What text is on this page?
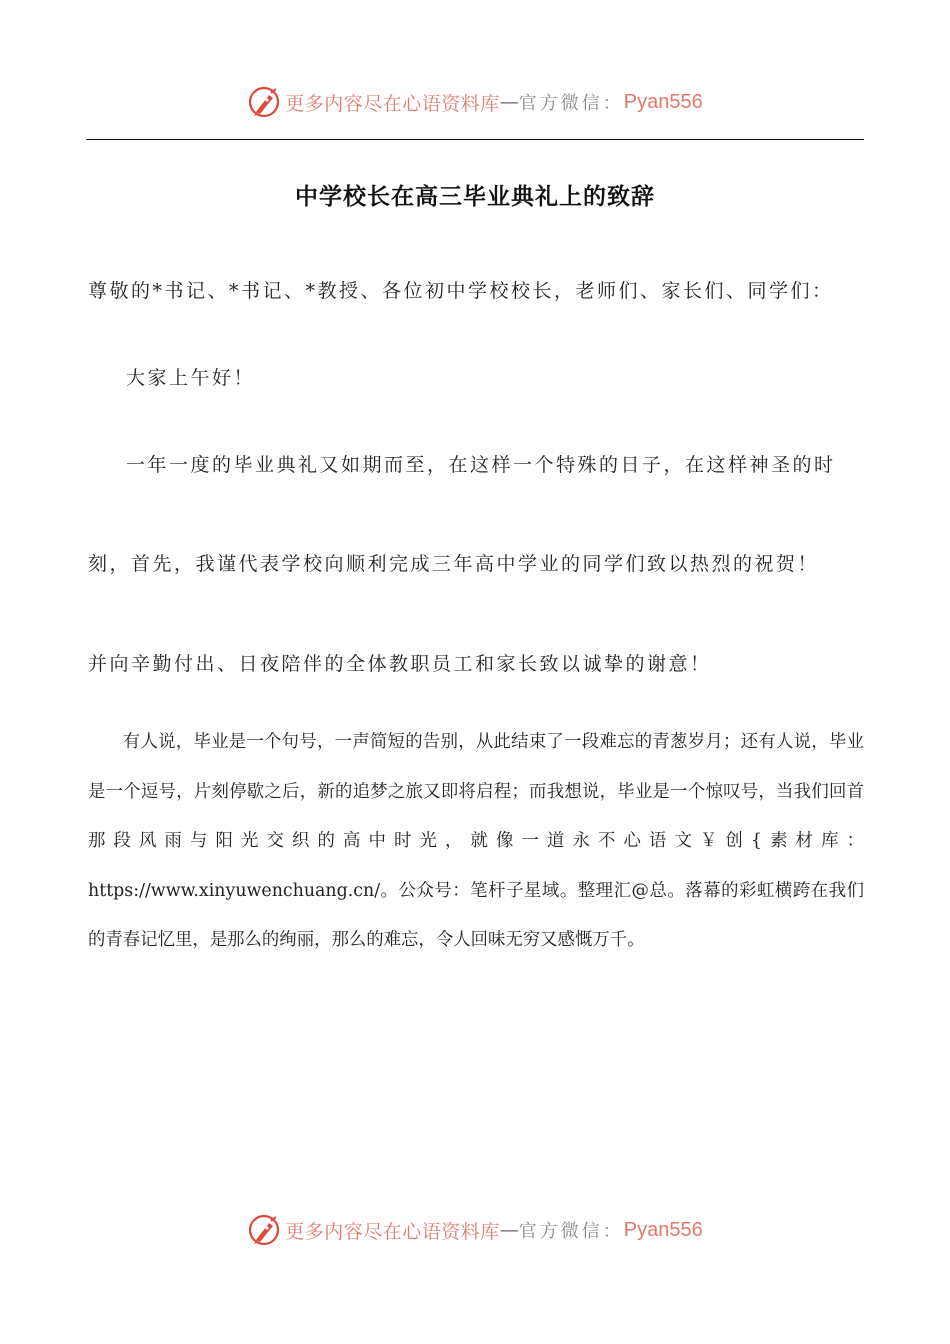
更多内容尽在心语资料库 — 官方微信： Pyan556
中学校长在高三毕业典礼上的致辞
尊敬的*书记、*书记、*教授、各位初中学校校长，老师们、家长们、同学们：
大家上午好！
一年一度的毕业典礼又如期而至，在这样一个特殊的日子，在这样神圣的时
刻，首先，我谨代表学校向顺利完成三年高中学业的同学们致以热烈的祝贺！
并向辛勤付出、日夜陪伴的全体教职员工和家长致以诚挚的谢意！
有人说，毕业是一个句号，一声简短的告别，从此结束了一段难忘的青葱岁月；还有人说，毕业是一个逗号，片刻停歇之后，新的追梦之旅又即将启程；而我想说，毕业是一个惊叹号，当我们回首那段风雨与阳光交织的高中时光，就像一道永不心语文￥创{素材库：https://www.xinyuwenchuang.cn/。公众号：笔杆子星域。整理汇@总。落幕的彩虹横跨在我们的青春记忆里，是那么的绚丽，那么的难忘，令人回味无穷又感慨万千。
更多内容尽在心语资料库 — 官方微信： Pyan556
